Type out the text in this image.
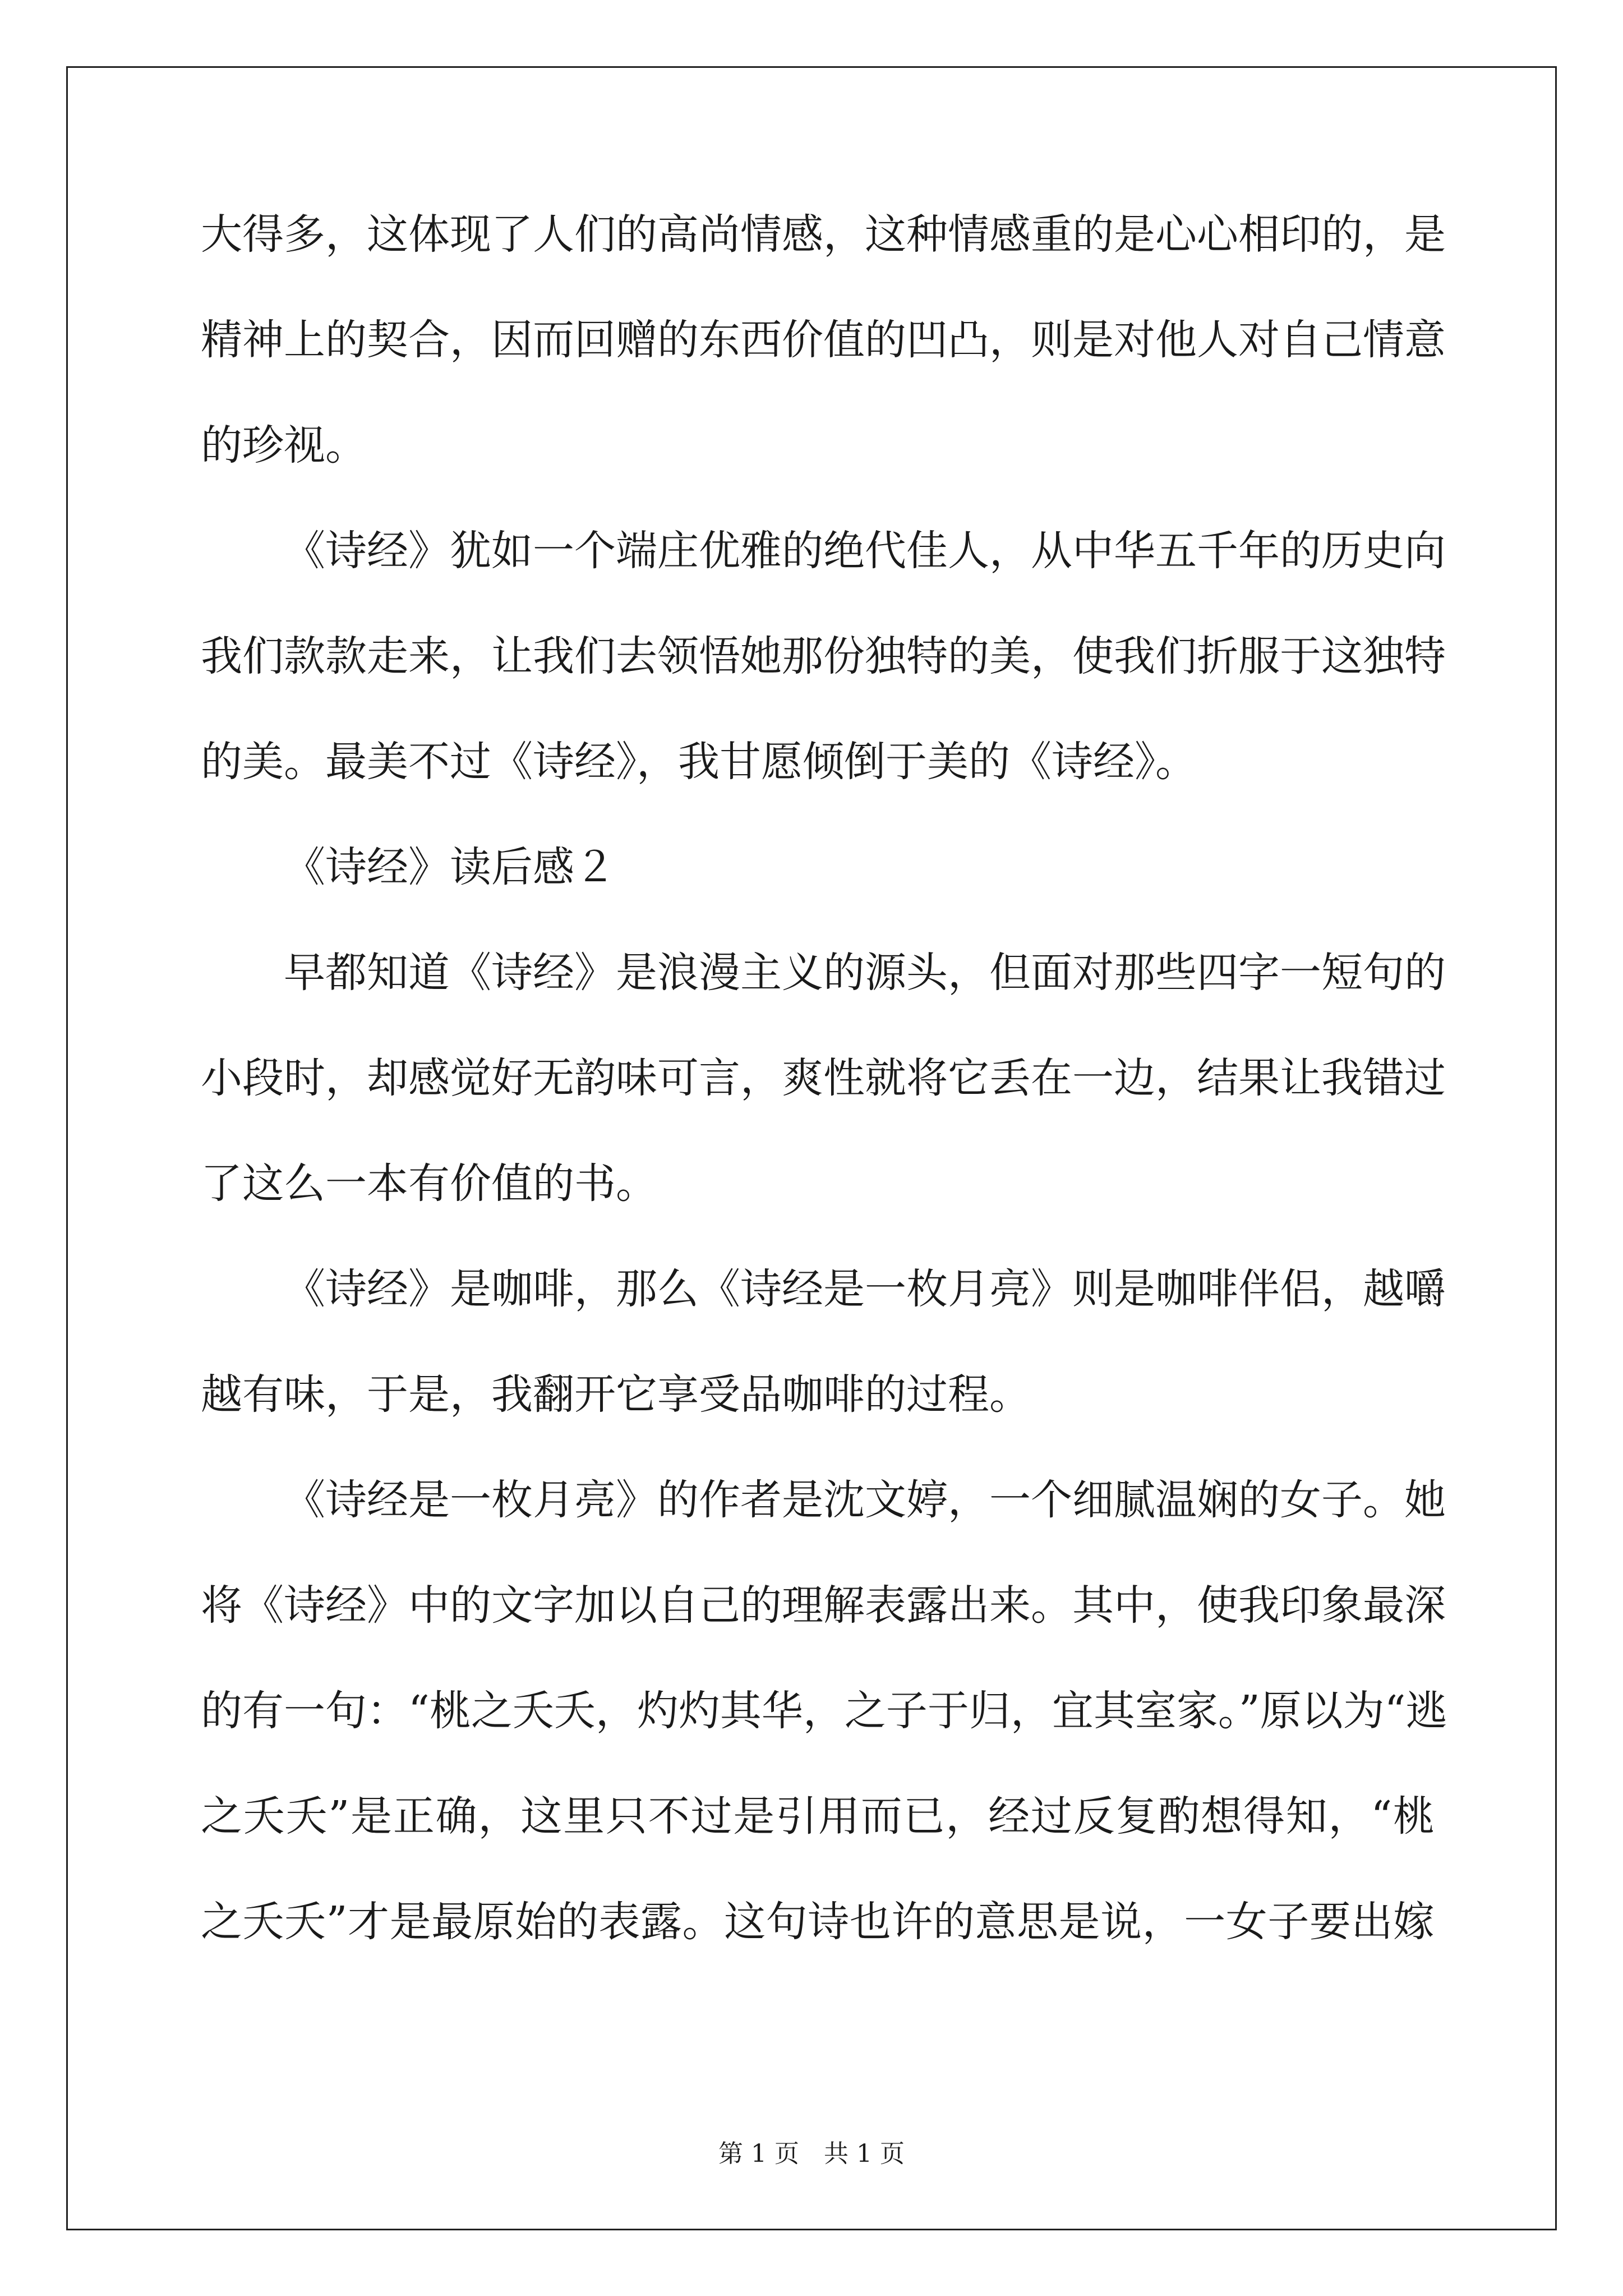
大得多，这体现了人们的高尚情感，这种情感重的是心心相印的，是
精神上的契合，因而回赠的东西价值的凹凸，则是对他人对自己情意
的珍视。
《诗经》犹如一个端庄优雅的绝代佳人，从中华五千年的历史向
我们款款走来，让我们去领悟她那份独特的美，使我们折服于这独特
的美。最美不过《诗经》，我甘愿倾倒于美的《诗经》。
《诗经》读后感２
早都知道《诗经》是浪漫主义的源头，但面对那些四字一短句的
小段时，却感觉好无韵味可言，爽性就将它丢在一边，结果让我错过
了这么一本有价值的书。
《诗经》是咖啡，那么《诗经是一枚月亮》则是咖啡伴侣，越嚼
越有味，于是，我翻开它享受品咖啡的过程。
《诗经是一枚月亮》的作者是沈文婷，一个细腻温娴的女子。她
将《诗经》中的文字加以自己的理解表露出来。其中，使我印象最深
的有一句：“桃之夭夭，灼灼其华，之子于归，宜其室家。”原以为“逃
之夭夭”是正确，这里只不过是引用而已，经过反复酌想得知，“桃
之夭夭”才是最原始的表露。这句诗也许的意思是说，一女子要出嫁
第 1 页　共 1 页
